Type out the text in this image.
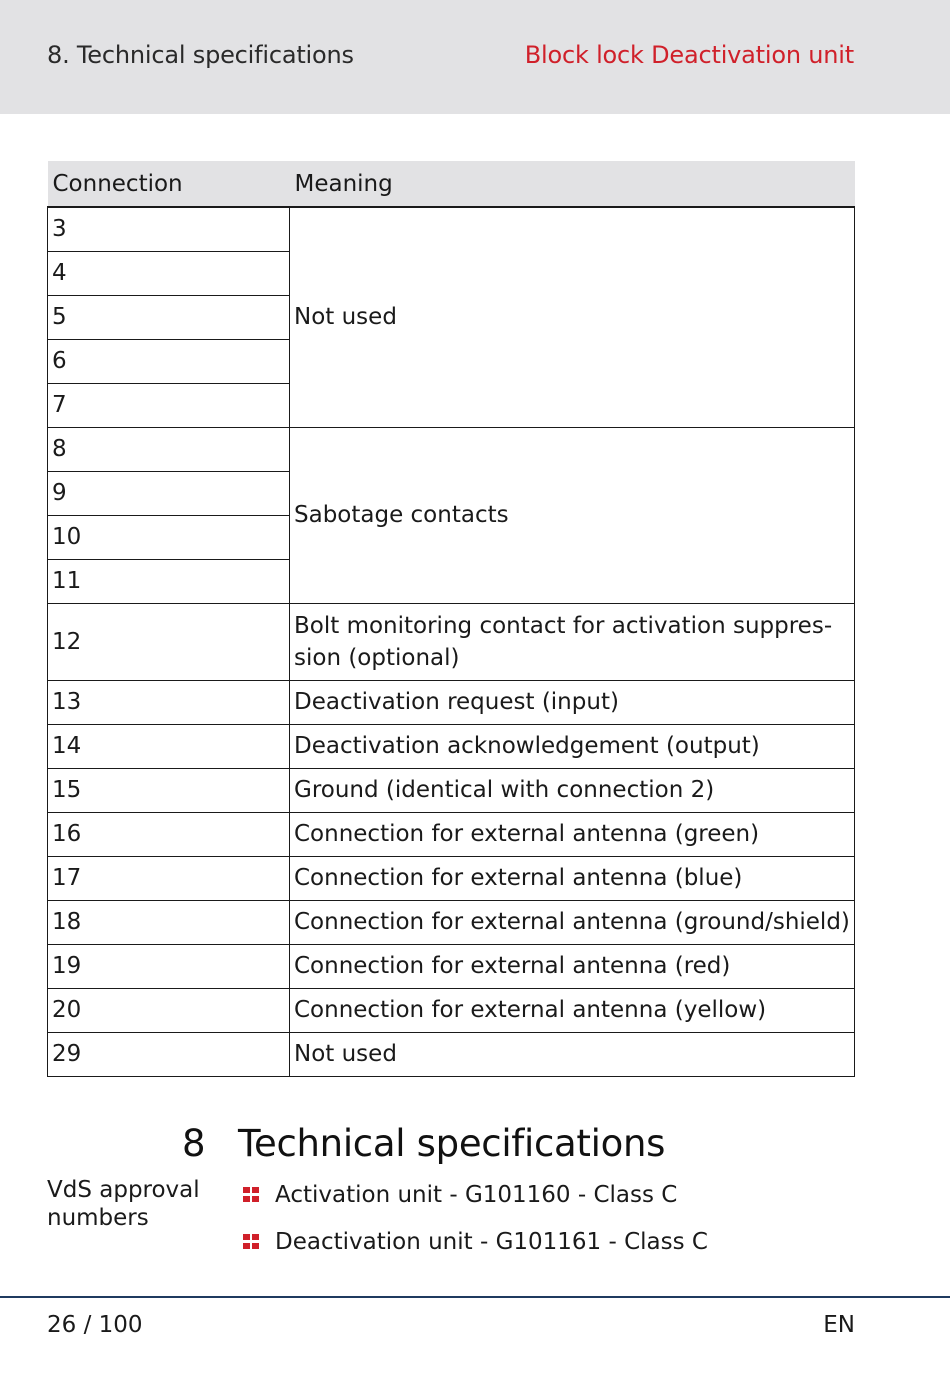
8. Technical specifications	Block lock Deactivation unit
Connection	Meaning
3	Not used
4	
5	
6	
7	
8	Sabotage contacts
9	
10	
11	
12	Bolt monitoring contact for activation suppres-sion (optional)
13	Deactivation request (input)
14	Deactivation acknowledgement (output)
15	Ground (identical with connection 2)
16	Connection for external antenna (green)
17	Connection for external antenna (blue)
18	Connection for external antenna (ground/shield)
19	Connection for external antenna (red)
20	Connection for external antenna (yellow)
29	Not used
8 Technical specifications
VdS approval numbers
Activation unit - G101160 - Class C
Deactivation unit - G101161 - Class C
26 / 100	EN
